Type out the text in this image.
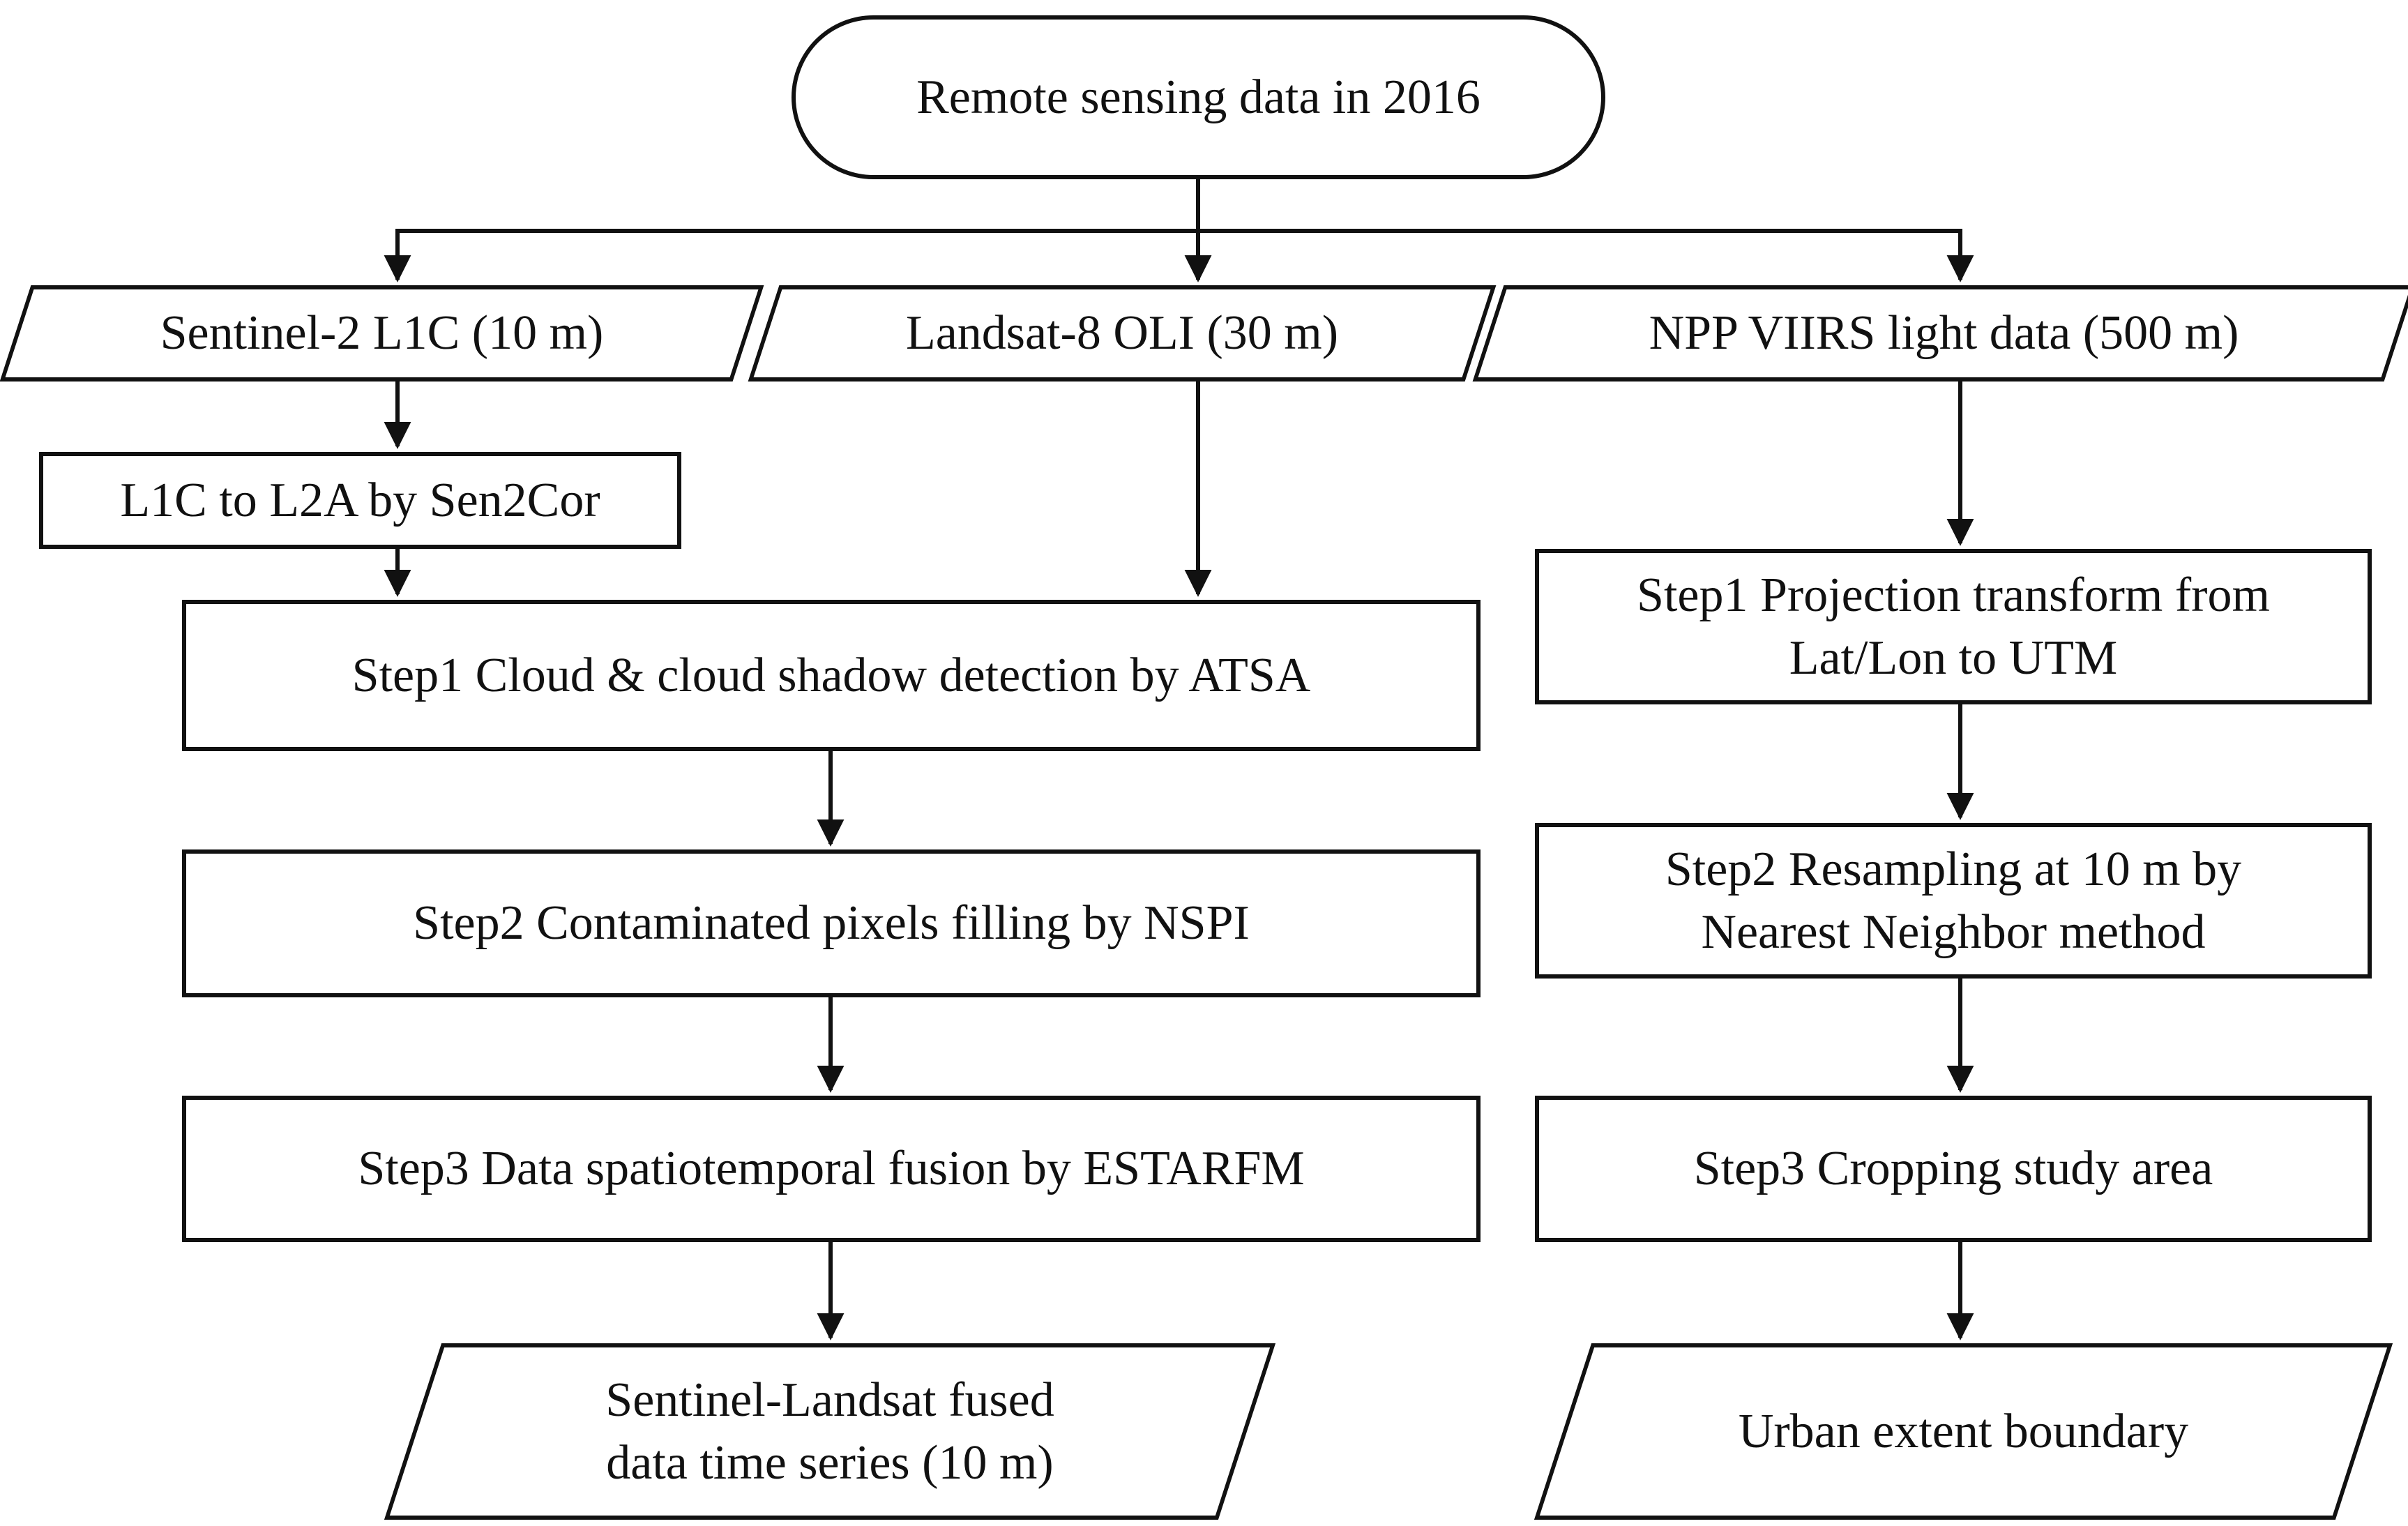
Remote sensing data in 2016
Sentinel-2 L1C (10 m)	Landsat-8 OLI (30 m)	NPP VIIRS light data (500 m)
L1C to L2A by Sen2Cor
Step1 Cloud & cloud shadow detection by ATSA
Step2 Contaminated pixels filling by NSPI
Step3 Data spatiotemporal fusion by ESTARFM
Sentinel-Landsat fused
data time series (10 m)
Step1 Projection transform from
Lat/Lon to UTM
Step2 Resampling at 10 m by
Nearest Neighbor method
Step3 Cropping study area
Urban extent boundary
